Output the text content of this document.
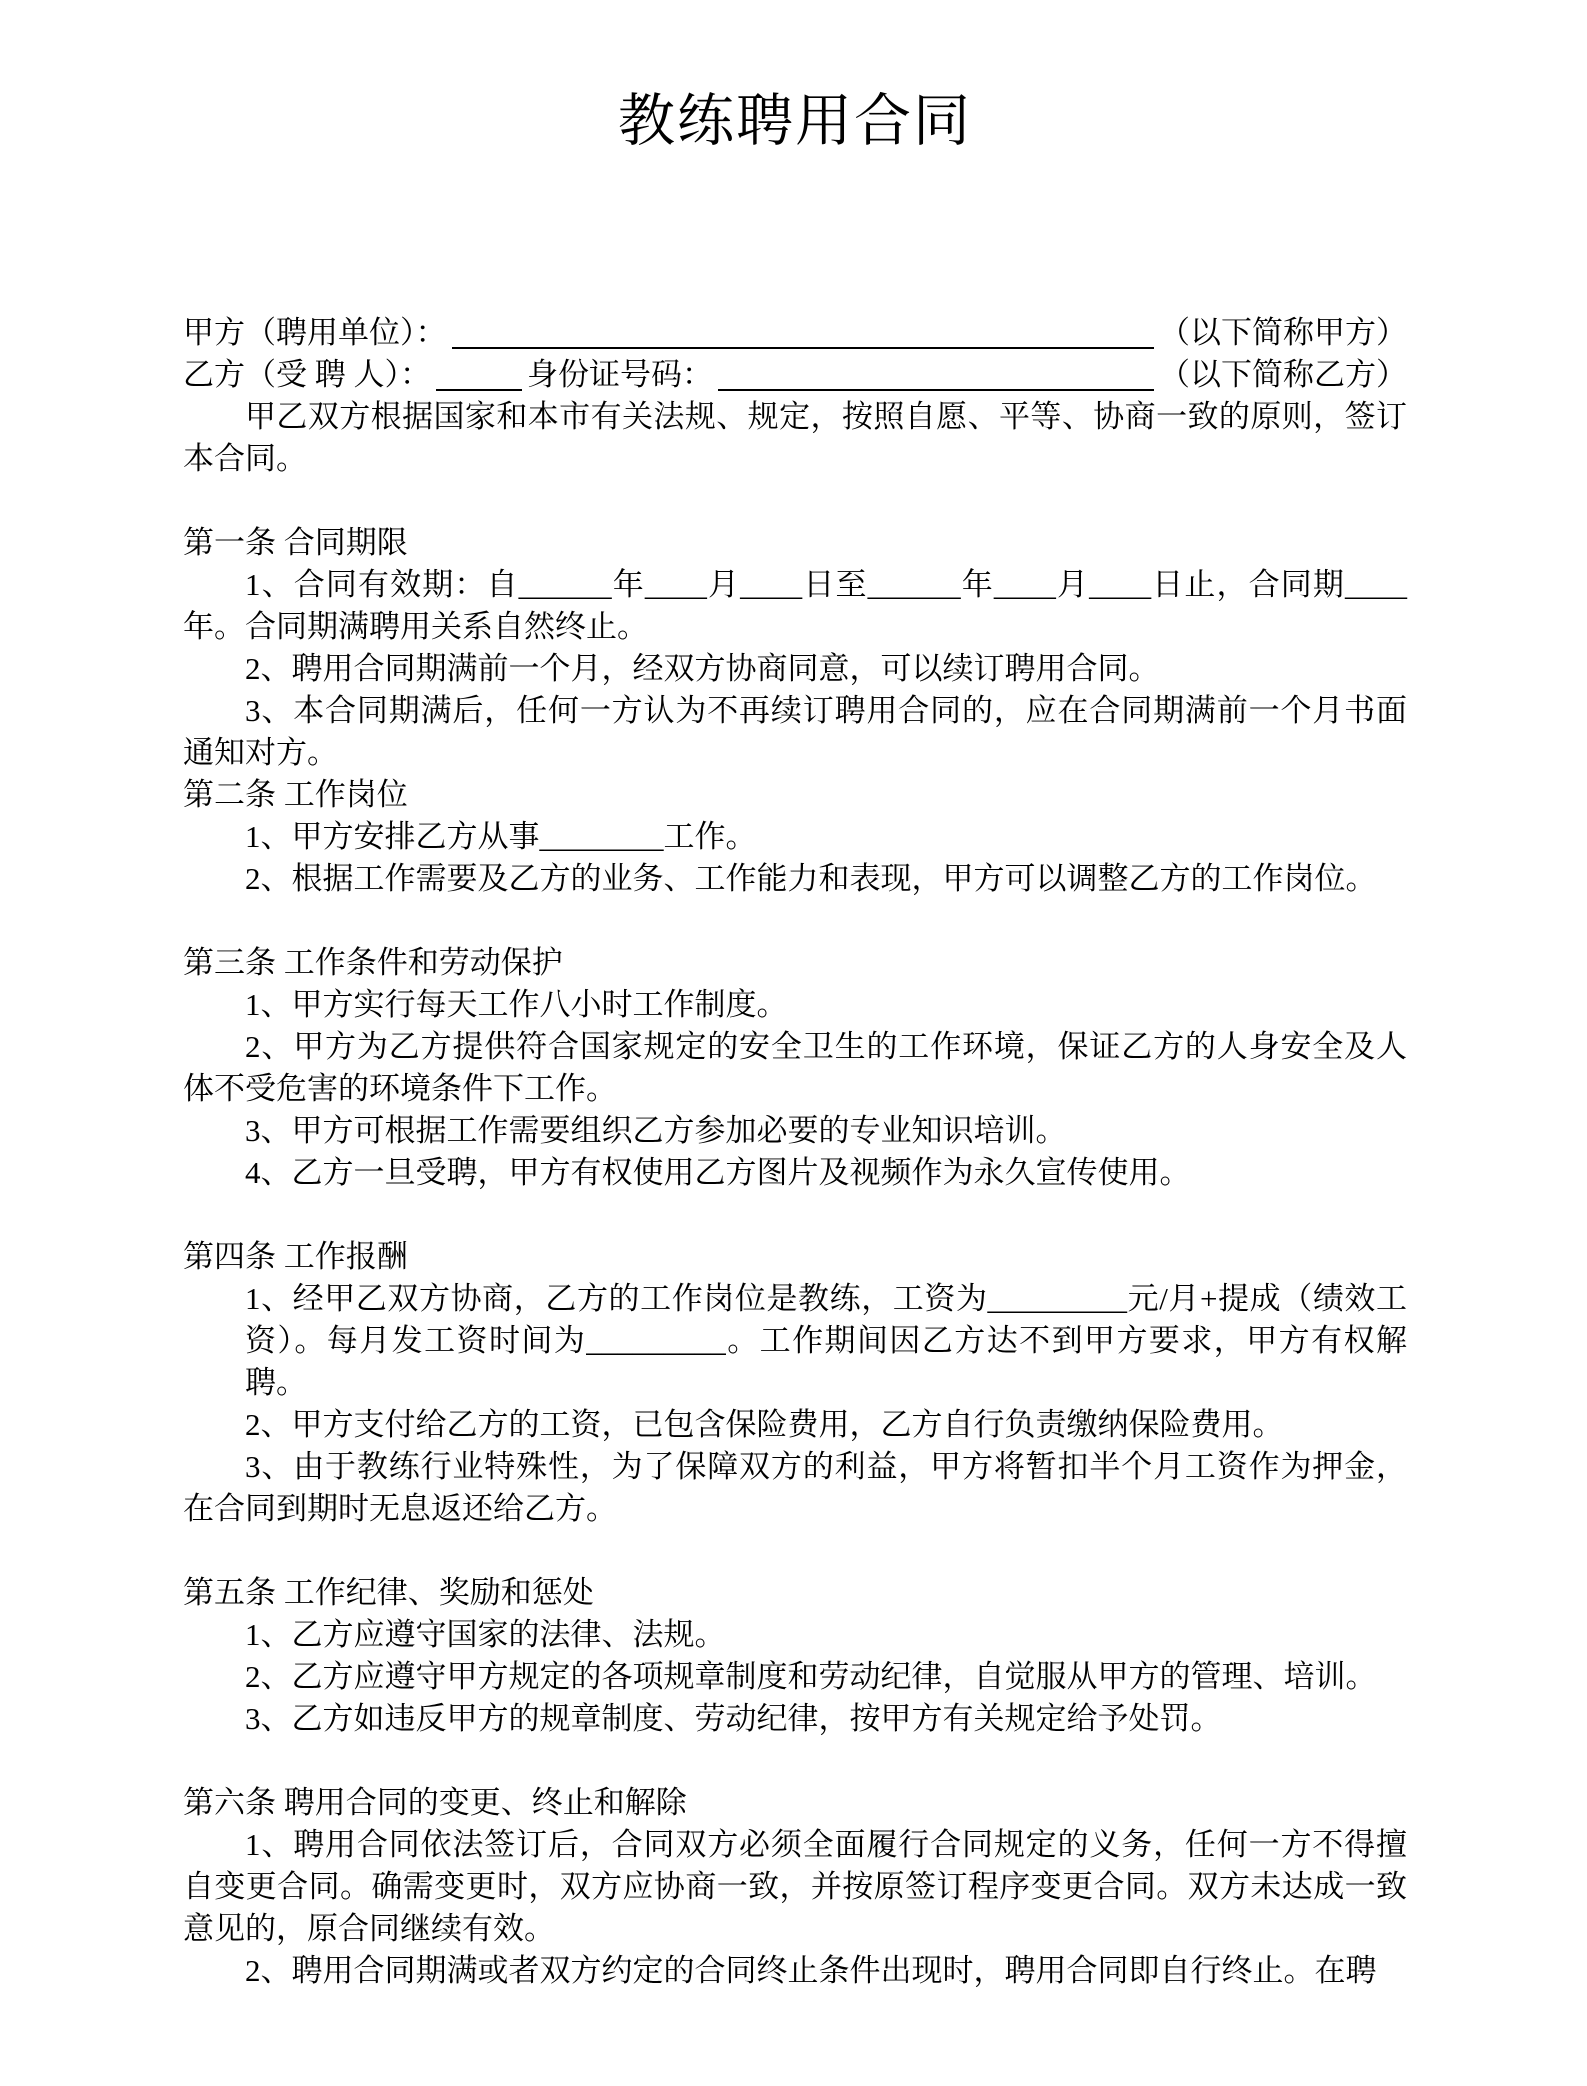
教练聘用合同
甲方（聘用单位）：	（以下简称甲方）
乙方（受 聘 人）：	身份证号码：	（以下简称乙方）

甲乙双方根据国家和本市有关法规、规定，按照自愿、平等、协商一致的原则，签订本合同。

第一条 合同期限

1、合同有效期：自______年____月____日至______年____月____日止，合同期____年。合同期满聘用关系自然终止。

2、聘用合同期满前一个月，经双方协商同意，可以续订聘用合同。

3、本合同期满后，任何一方认为不再续订聘用合同的，应在合同期满前一个月书面通知对方。

第二条 工作岗位

1、甲方安排乙方从事________工作。

2、根据工作需要及乙方的业务、工作能力和表现，甲方可以调整乙方的工作岗位。

第三条 工作条件和劳动保护

1、甲方实行每天工作八小时工作制度。

2、甲方为乙方提供符合国家规定的安全卫生的工作环境，保证乙方的人身安全及人体不受危害的环境条件下工作。

3、甲方可根据工作需要组织乙方参加必要的专业知识培训。

4、乙方一旦受聘，甲方有权使用乙方图片及视频作为永久宣传使用。

第四条 工作报酬

1、经甲乙双方协商，乙方的工作岗位是教练，工资为_________元/月+提成（绩效工资）。每月发工资时间为_________。工作期间因乙方达不到甲方要求，甲方有权解聘。

2、甲方支付给乙方的工资，已包含保险费用，乙方自行负责缴纳保险费用。

3、由于教练行业特殊性，为了保障双方的利益，甲方将暂扣半个月工资作为押金，在合同到期时无息返还给乙方。

第五条 工作纪律、奖励和惩处

1、乙方应遵守国家的法律、法规。

2、乙方应遵守甲方规定的各项规章制度和劳动纪律，自觉服从甲方的管理、培训。

3、乙方如违反甲方的规章制度、劳动纪律，按甲方有关规定给予处罚。

第六条 聘用合同的变更、终止和解除

1、聘用合同依法签订后，合同双方必须全面履行合同规定的义务，任何一方不得擅自变更合同。确需变更时，双方应协商一致，并按原签订程序变更合同。双方未达成一致意见的，原合同继续有效。

2、聘用合同期满或者双方约定的合同终止条件出现时，聘用合同即自行终止。在聘
